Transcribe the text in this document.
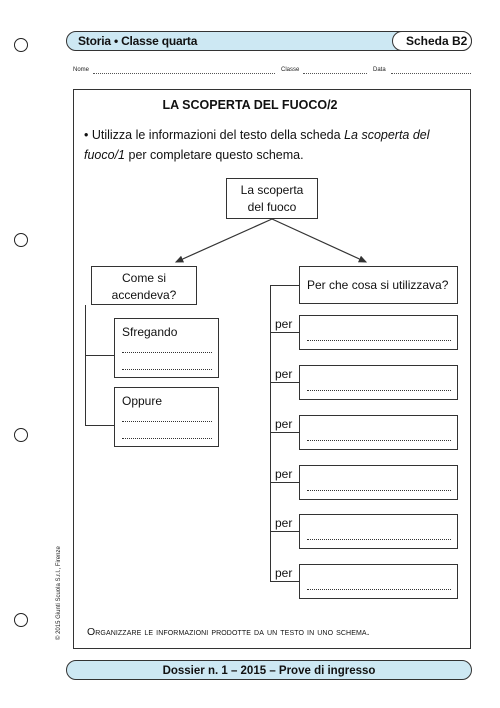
Storia • Classe quarta	Scheda B2
Nome	Classe	Data
LA SCOPERTA DEL FUOCO/2
• Utilizza le informazioni del testo della scheda La scoperta del fuoco/1 per completare questo schema.
La scoperta
del fuoco
Come si
accendeva?
Sfregando
Oppure
Per che cosa si utilizzava?
per
per
per
per
per
per
Organizzare le informazioni prodotte da un testo in uno schema.
© 2015 Giunti Scuola S.r.l., Firenze
Dossier n. 1 – 2015 – Prove di ingresso
